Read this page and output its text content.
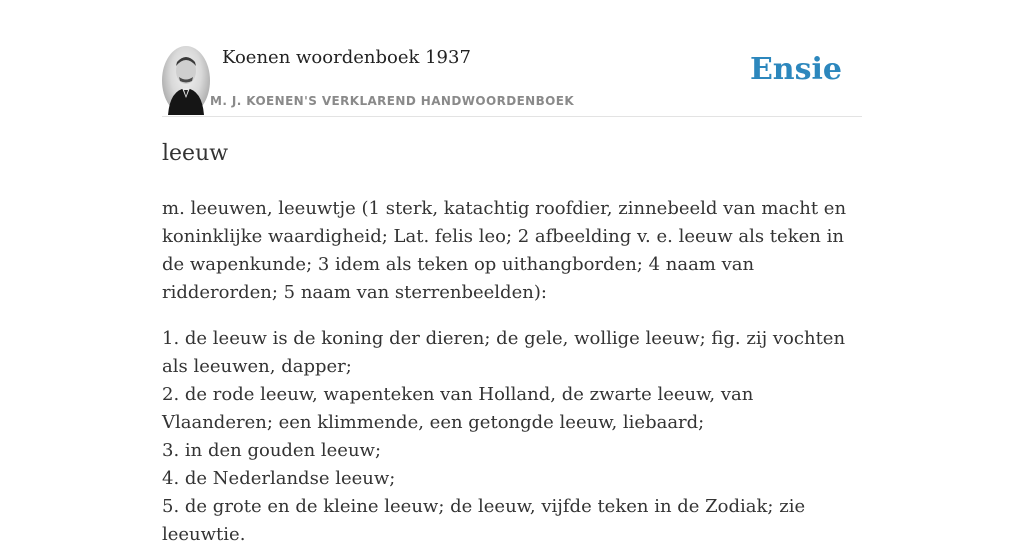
Koenen woordenboek 1937
M. J. KOENEN'S VERKLAREND HANDWOORDENBOEK
Ensie
leeuw

m. leeuwen, leeuwtje (1 sterk, katachtig roofdier, zinnebeeld van macht en koninklijke waardigheid; Lat. felis leo; 2 afbeelding v. e. leeuw als teken in de wapenkunde; 3 idem als teken op uithangborden; 4 naam van ridderorden; 5 naam van sterrenbeelden):

1. de leeuw is de koning der dieren; de gele, wollige leeuw; fig. zij vochten als leeuwen, dapper;

2. de rode leeuw, wapenteken van Holland, de zwarte leeuw, van Vlaanderen; een klimmende, een getongde leeuw, liebaard;

3. in den gouden leeuw;

4. de Nederlandse leeuw;

5. de grote en de kleine leeuw; de leeuw, vijfde teken in de Zodiak; zie leeuwtie.
